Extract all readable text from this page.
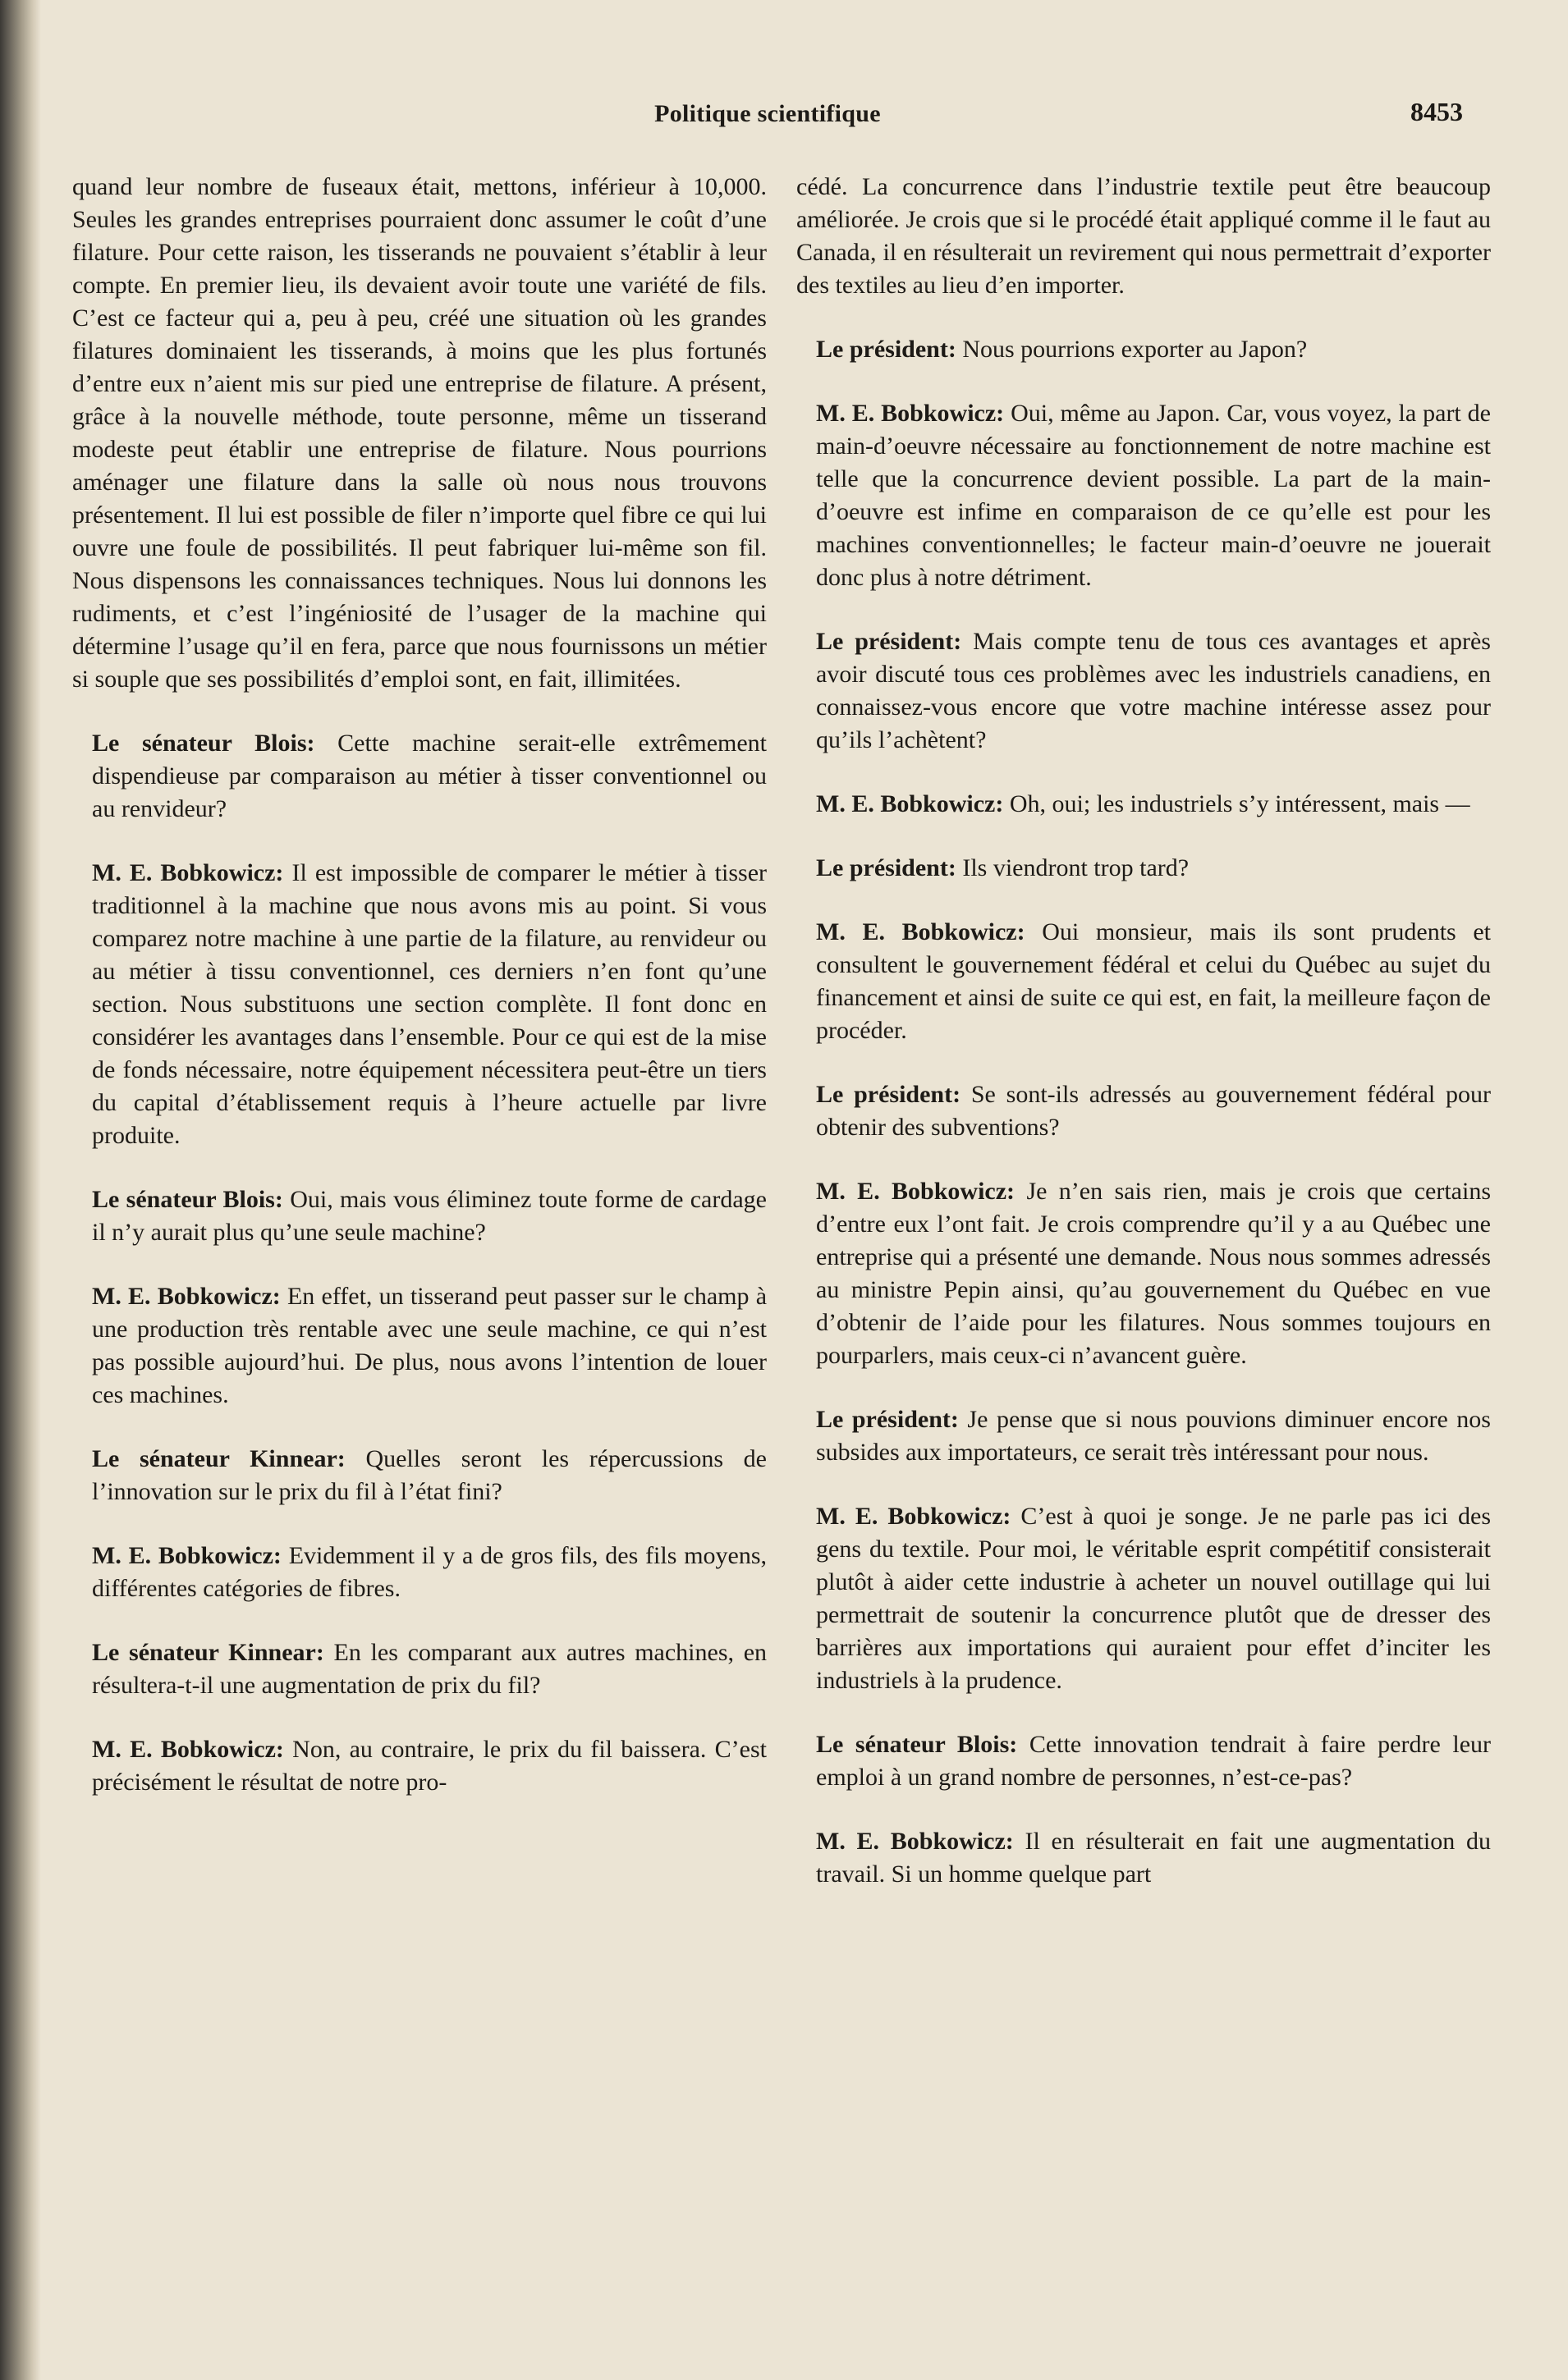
Politique scientifique	8453

quand leur nombre de fuseaux était, mettons, inférieur à 10,000. Seules les grandes entreprises pourraient donc assumer le coût d’une filature. Pour cette raison, les tisserands ne pouvaient s’établir à leur compte. En premier lieu, ils devaient avoir toute une variété de fils. C’est ce facteur qui a, peu à peu, créé une situation où les grandes filatures dominaient les tisserands, à moins que les plus fortunés d’entre eux n’aient mis sur pied une entreprise de filature. A présent, grâce à la nouvelle méthode, toute personne, même un tisserand modeste peut établir une entreprise de filature. Nous pourrions aménager une filature dans la salle où nous nous trouvons présentement. Il lui est possible de filer n’importe quel fibre ce qui lui ouvre une foule de possibilités. Il peut fabriquer lui-même son fil. Nous dispensons les connaissances techniques. Nous lui donnons les rudiments, et c’est l’ingéniosité de l’usager de la machine qui détermine l’usage qu’il en fera, parce que nous fournissons un métier si souple que ses possibilités d’emploi sont, en fait, illimitées.

Le sénateur Blois: Cette machine serait-elle extrêmement dispendieuse par comparaison au métier à tisser conventionnel ou au renvideur?

M. E. Bobkowicz: Il est impossible de comparer le métier à tisser traditionnel à la machine que nous avons mis au point. Si vous comparez notre machine à une partie de la filature, au renvideur ou au métier à tissu conventionnel, ces derniers n’en font qu’une section. Nous substituons une section complète. Il font donc en considérer les avantages dans l’ensemble. Pour ce qui est de la mise de fonds nécessaire, notre équipement nécessitera peut-être un tiers du capital d’établissement requis à l’heure actuelle par livre produite.

Le sénateur Blois: Oui, mais vous éliminez toute forme de cardage il n’y aurait plus qu’une seule machine?

M. E. Bobkowicz: En effet, un tisserand peut passer sur le champ à une production très rentable avec une seule machine, ce qui n’est pas possible aujourd’hui. De plus, nous avons l’intention de louer ces machines.

Le sénateur Kinnear: Quelles seront les répercussions de l’innovation sur le prix du fil à l’état fini?

M. E. Bobkowicz: Evidemment il y a de gros fils, des fils moyens, différentes catégories de fibres.

Le sénateur Kinnear: En les comparant aux autres machines, en résultera-t-il une augmentation de prix du fil?

M. E. Bobkowicz: Non, au contraire, le prix du fil baissera. C’est précisément le résultat de notre pro-

cédé. La concurrence dans l’industrie textile peut être beaucoup améliorée. Je crois que si le procédé était appliqué comme il le faut au Canada, il en résulterait un revirement qui nous permettrait d’exporter des textiles au lieu d’en importer.

Le président: Nous pourrions exporter au Japon?

M. E. Bobkowicz: Oui, même au Japon. Car, vous voyez, la part de main-d’oeuvre nécessaire au fonctionnement de notre machine est telle que la concurrence devient possible. La part de la main-d’oeuvre est infime en comparaison de ce qu’elle est pour les machines conventionnelles; le facteur main-d’oeuvre ne jouerait donc plus à notre détriment.

Le président: Mais compte tenu de tous ces avantages et après avoir discuté tous ces problèmes avec les industriels canadiens, en connaissez-vous encore que votre machine intéresse assez pour qu’ils l’achètent?

M. E. Bobkowicz: Oh, oui; les industriels s’y intéressent, mais —

Le président: Ils viendront trop tard?

M. E. Bobkowicz: Oui monsieur, mais ils sont prudents et consultent le gouvernement fédéral et celui du Québec au sujet du financement et ainsi de suite ce qui est, en fait, la meilleure façon de procéder.

Le président: Se sont-ils adressés au gouvernement fédéral pour obtenir des subventions?

M. E. Bobkowicz: Je n’en sais rien, mais je crois que certains d’entre eux l’ont fait. Je crois comprendre qu’il y a au Québec une entreprise qui a présenté une demande. Nous nous sommes adressés au ministre Pepin ainsi, qu’au gouvernement du Québec en vue d’obtenir de l’aide pour les filatures. Nous sommes toujours en pourparlers, mais ceux-ci n’avancent guère.

Le président: Je pense que si nous pouvions diminuer encore nos subsides aux importateurs, ce serait très intéressant pour nous.

M. E. Bobkowicz: C’est à quoi je songe. Je ne parle pas ici des gens du textile. Pour moi, le véritable esprit compétitif consisterait plutôt à aider cette industrie à acheter un nouvel outillage qui lui permettrait de soutenir la concurrence plutôt que de dresser des barrières aux importations qui auraient pour effet d’inciter les industriels à la prudence.

Le sénateur Blois: Cette innovation tendrait à faire perdre leur emploi à un grand nombre de personnes, n’est-ce-pas?

M. E. Bobkowicz: Il en résulterait en fait une augmentation du travail. Si un homme quelque part
